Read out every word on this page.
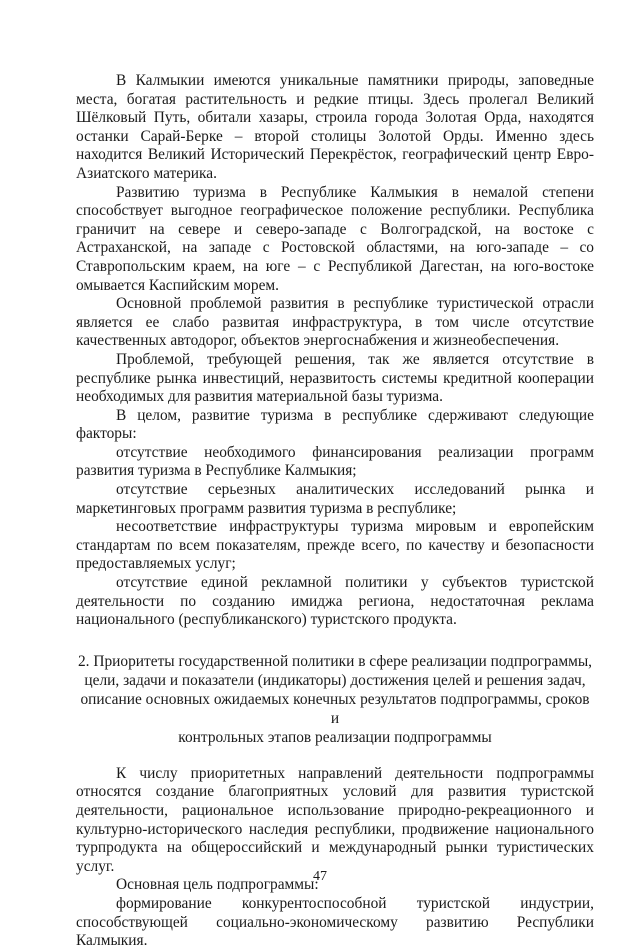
В Калмыкии имеются уникальные памятники природы, заповедные места, богатая растительность и редкие птицы. Здесь пролегал Великий Шёлковый Путь, обитали хазары, строила города Золотая Орда, находятся останки Сарай-Берке – второй столицы Золотой Орды. Именно здесь находится Великий Исторический Перекрёсток, географический центр Евро-Азиатского материка.

Развитию туризма в Республике Калмыкия в немалой степени способствует выгодное географическое положение республики. Республика граничит на севере и северо-западе с Волгоградской, на востоке с Астраханской, на западе с Ростовской областями, на юго-западе – со Ставропольским краем, на юге – с Республикой Дагестан, на юго-востоке омывается Каспийским морем.

Основной проблемой развития в республике туристической отрасли является ее слабо развитая инфраструктура, в том числе отсутствие качественных автодорог, объектов энергоснабжения и жизнеобеспечения.

Проблемой, требующей решения, так же является отсутствие в республике рынка инвестиций, неразвитость системы кредитной кооперации необходимых для развития материальной базы туризма.

В целом, развитие туризма в республике сдерживают следующие факторы:

отсутствие необходимого финансирования реализации программ развития туризма в Республике Калмыкия;

отсутствие серьезных аналитических исследований рынка и маркетинговых программ развития туризма в республике;

несоответствие инфраструктуры туризма мировым и европейским стандартам по всем показателям, прежде всего, по качеству и безопасности предоставляемых услуг;

отсутствие единой рекламной политики у субъектов туристской деятельности по созданию имиджа региона, недостаточная реклама национального (республиканского) туристского продукта.

2. Приоритеты государственной политики в сфере реализации подпрограммы,
цели, задачи и показатели (индикаторы) достижения целей и решения задач,
описание основных ожидаемых конечных результатов подпрограммы, сроков и
контрольных этапов реализации подпрограммы

К числу приоритетных направлений деятельности подпрограммы относятся создание благоприятных условий для развития туристской деятельности, рациональное использование природно-рекреационного и культурно-исторического наследия республики, продвижение национального турпродукта на общероссийский и международный рынки туристических услуг.

Основная цель подпрограммы:

формирование конкурентоспособной туристской индустрии, способствующей социально-экономическому развитию Республики Калмыкия.

47
